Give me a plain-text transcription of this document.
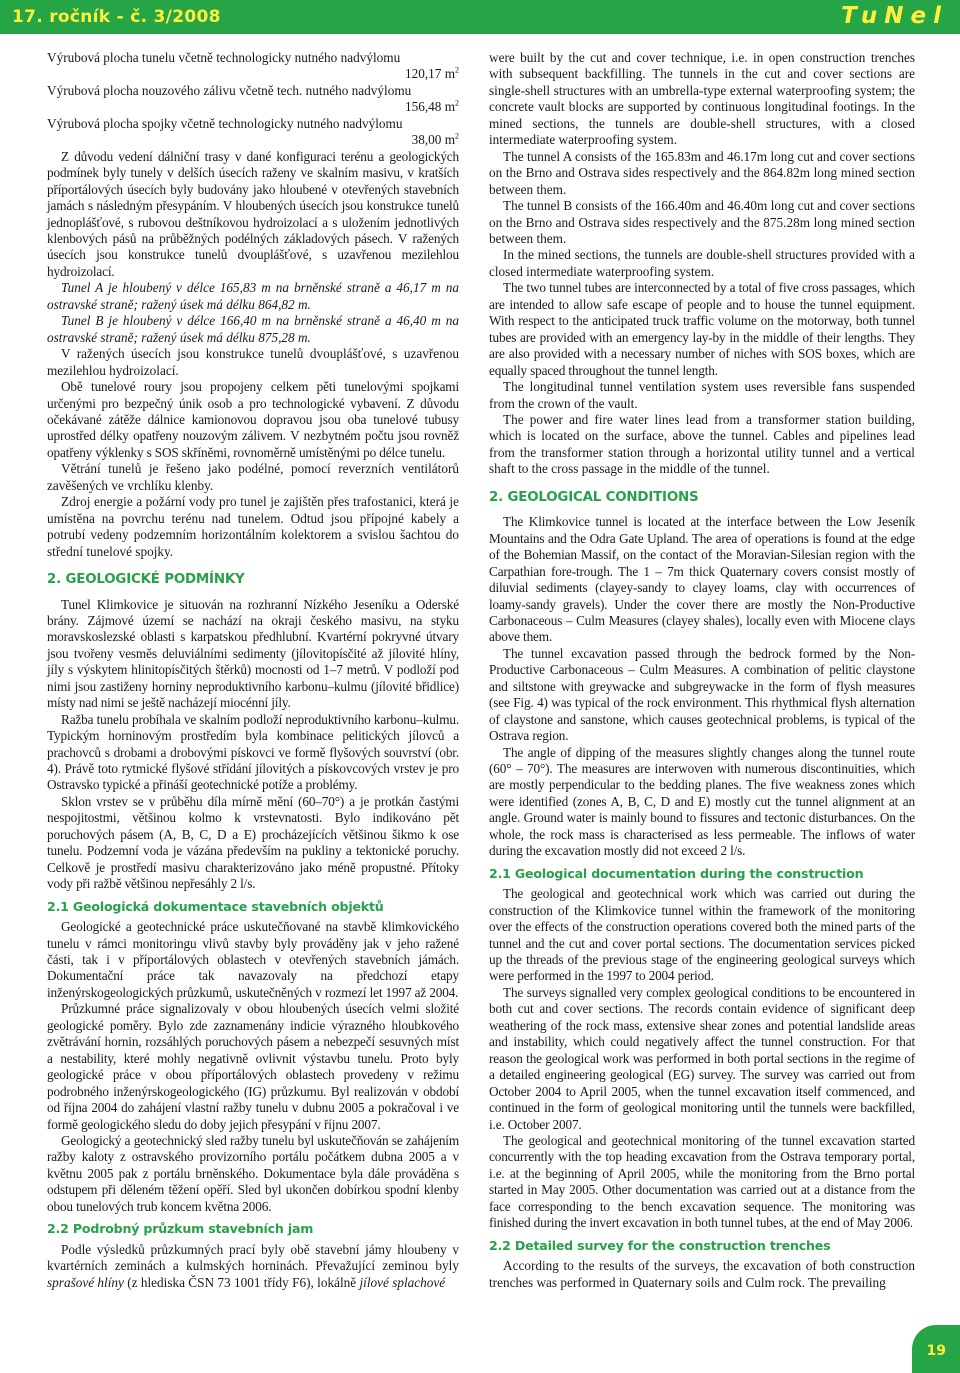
17. ročník - č. 3/2008	TuNel

Výrubová plocha tunelu včetně technologicky nutného nadvýlomu

120,17 $m^2$

Výrubová plocha nouzového zálivu včetně tech. nutného nadvýlomu

156,48 $m^2$

Výrubová plocha spojky včetně technologicky nutného nadvýlomu

38,00 $m^2$

Z důvodu vedení dálniční trasy v dané konfiguraci terénu a geologických podmínek byly tunely v delších úsecích raženy ve skalním masivu, v kratších příportálových úsecích byly budovány jako hloubené v otevřených stavebních jamách s následným přesypáním. V hloubených úsecích jsou konstrukce tunelů jednoplášťové, s rubovou deštníkovou hydroizolací a s uložením jednotlivých klenbových pásů na průběžných podélných základových pásech. V ražených úsecích jsou konstrukce tunelů dvouplášťové, s uzavřenou mezilehlou hydroizolací.

Tunel A je hloubený v délce 165,83 m na brněnské straně a 46,17 m na ostravské straně; ražený úsek má délku 864,82 m.

Tunel B je hloubený v délce 166,40 m na brněnské straně a 46,40 m na ostravské straně; ražený úsek má délku 875,28 m.

V ražených úsecích jsou konstrukce tunelů dvouplášťové, s uzavřenou mezilehlou hydroizolací.

Obě tunelové roury jsou propojeny celkem pěti tunelovými spojkami určenými pro bezpečný únik osob a pro technologické vybavení. Z důvodu očekávané zátěže dálnice kamionovou dopravou jsou oba tunelové tubusy uprostřed délky opatřeny nouzovým zálivem. V nezbytném počtu jsou rovněž opatřeny výklenky s SOS skříněmi, rovnoměrně umístěnými po délce tunelu.

Větrání tunelů je řešeno jako podélné, pomocí reverzních ventilátorů zavěšených ve vrchlíku klenby.

Zdroj energie a požární vody pro tunel je zajištěn přes trafostanici, která je umístěna na povrchu terénu nad tunelem. Odtud jsou přípojné kabely a potrubí vedeny podzemním horizontálním kolektorem a svislou šachtou do střední tunelové spojky.

2. GEOLOGICKÉ PODMÍNKY

Tunel Klimkovice je situován na rozhranní Nízkého Jeseníku a Oderské brány. Zájmové území se nachází na okraji českého masivu, na styku moravskoslezské oblasti s karpatskou předhlubní. Kvartérní pokryvné útvary jsou tvořeny vesměs deluviálními sedimenty (jílovitopísčité až jílovité hlíny, jíly s výskytem hlinitopísčitých štěrků) mocnosti od 1–7 metrů. V podloží pod nimi jsou zastiženy horniny neproduktivního karbonu–kulmu (jílovité břidlice) místy nad nimi se ještě nacházejí miocénní jíly.

Ražba tunelu probíhala ve skalním podloží neproduktivního karbonu–kulmu. Typickým horninovým prostředím byla kombinace pelitických jílovců a prachovců s drobami a drobovými pískovci ve formě flyšových souvrství (obr. 4). Právě toto rytmické flyšové střídání jílovitých a pískovcových vrstev je pro Ostravsko typické a přináší geotechnické potíže a problémy.

Sklon vrstev se v průběhu díla mírně mění (60–70°) a je protkán častými nespojitostmi, většinou kolmo k vrstevnatosti. Bylo indikováno pět poruchových pásem (A, B, C, D a E) procházejících většinou šikmo k ose tunelu. Podzemní voda je vázána především na pukliny a tektonické poruchy. Celkově je prostředí masivu charakterizováno jako méně propustné. Přítoky vody při ražbě většinou nepřesáhly 2 l/s.

2.1 Geologická dokumentace stavebních objektů

Geologické a geotechnické práce uskutečňované na stavbě klimkovického tunelu v rámci monitoringu vlivů stavby byly prováděny jak v jeho ražené části, tak i v příportálových oblastech v otevřených stavebních jámách. Dokumentační práce tak navazovaly na předchozí etapy inženýrskogeologických průzkumů, uskutečněných v rozmezí let 1997 až 2004.

Průzkumné práce signalizovaly v obou hloubených úsecích velmi složité geologické poměry. Bylo zde zaznamenány indicie výrazného hloubkového zvětrávání hornin, rozsáhlých poruchových pásem a nebezpečí sesuvných míst a nestability, které mohly negativně ovlivnit výstavbu tunelu. Proto byly geologické práce v obou příportálových oblastech provedeny v režimu podrobného inženýrskogeologického (IG) průzkumu. Byl realizován v období od října 2004 do zahájení vlastní ražby tunelu v dubnu 2005 a pokračoval i ve formě geologického sledu do doby jejich přesypání v říjnu 2007.

Geologický a geotechnický sled ražby tunelu byl uskutečňován se zahájením ražby kaloty z ostravského provizorního portálu počátkem dubna 2005 a v květnu 2005 pak z portálu brněnského. Dokumentace byla dále prováděna s odstupem při děleném těžení opěří. Sled byl ukončen dobírkou spodní klenby obou tunelových trub koncem května 2006.

2.2 Podrobný průzkum stavebních jam

Podle výsledků průzkumných prací byly obě stavební jámy hloubeny v kvartérních zeminách a kulmských horninách. Převažující zeminou byly sprašové hlíny (z hlediska ČSN 73 1001 třídy F6), lokálně jílové splachové

were built by the cut and cover technique, i.e. in open construction trenches with subsequent backfilling. The tunnels in the cut and cover sections are single-shell structures with an umbrella-type external waterproofing system; the concrete vault blocks are supported by continuous longitudinal footings. In the mined sections, the tunnels are double-shell structures, with a closed intermediate waterproofing system.

The tunnel A consists of the 165.83m and 46.17m long cut and cover sections on the Brno and Ostrava sides respectively and the 864.82m long mined section between them.

The tunnel B consists of the 166.40m and 46.40m long cut and cover sections on the Brno and Ostrava sides respectively and the 875.28m long mined section between them.

In the mined sections, the tunnels are double-shell structures provided with a closed intermediate waterproofing system.

The two tunnel tubes are interconnected by a total of five cross passages, which are intended to allow safe escape of people and to house the tunnel equipment. With respect to the anticipated truck traffic volume on the motorway, both tunnel tubes are provided with an emergency lay-by in the middle of their lengths. They are also provided with a necessary number of niches with SOS boxes, which are equally spaced throughout the tunnel length.

The longitudinal tunnel ventilation system uses reversible fans suspended from the crown of the vault.

The power and fire water lines lead from a transformer station building, which is located on the surface, above the tunnel. Cables and pipelines lead from the transformer station through a horizontal utility tunnel and a vertical shaft to the cross passage in the middle of the tunnel.

2. GEOLOGICAL CONDITIONS

The Klimkovice tunnel is located at the interface between the Low Jeseník Mountains and the Odra Gate Upland. The area of operations is found at the edge of the Bohemian Massif, on the contact of the Moravian-Silesian region with the Carpathian fore-trough. The 1 – 7m thick Quaternary covers consist mostly of diluvial sediments (clayey-sandy to clayey loams, clay with occurrences of loamy-sandy gravels). Under the cover there are mostly the Non-Productive Carbonaceous – Culm Measures (clayey shales), locally even with Miocene clays above them.

The tunnel excavation passed through the bedrock formed by the Non-Productive Carbonaceous – Culm Measures. A combination of pelitic claystone and siltstone with greywacke and subgreywacke in the form of flysh measures (see Fig. 4) was typical of the rock environment. This rhythmical flysh alternation of claystone and sanstone, which causes geotechnical problems, is typical of the Ostrava region.

The angle of dipping of the measures slightly changes along the tunnel route (60° – 70°). The measures are interwoven with numerous discontinuities, which are mostly perpendicular to the bedding planes. The five weakness zones which were identified (zones A, B, C, D and E) mostly cut the tunnel alignment at an angle. Ground water is mainly bound to fissures and tectonic disturbances. On the whole, the rock mass is characterised as less permeable. The inflows of water during the excavation mostly did not exceed 2 l/s.

2.1 Geological documentation during the construction

The geological and geotechnical work which was carried out during the construction of the Klimkovice tunnel within the framework of the monitoring over the effects of the construction operations covered both the mined parts of the tunnel and the cut and cover portal sections. The documentation services picked up the threads of the previous stage of the engineering geological surveys which were performed in the 1997 to 2004 period.

The surveys signalled very complex geological conditions to be encountered in both cut and cover sections. The records contain evidence of significant deep weathering of the rock mass, extensive shear zones and potential landslide areas and instability, which could negatively affect the tunnel construction. For that reason the geological work was performed in both portal sections in the regime of a detailed engineering geological (EG) survey. The survey was carried out from October 2004 to April 2005, when the tunnel excavation itself commenced, and continued in the form of geological monitoring until the tunnels were backfilled, i.e. October 2007.

The geological and geotechnical monitoring of the tunnel excavation started concurrently with the top heading excavation from the Ostrava temporary portal, i.e. at the beginning of April 2005, while the monitoring from the Brno portal started in May 2005. Other documentation was carried out at a distance from the face corresponding to the bench excavation sequence. The monitoring was finished during the invert excavation in both tunnel tubes, at the end of May 2006.

2.2 Detailed survey for the construction trenches

According to the results of the surveys, the excavation of both construction trenches was performed in Quaternary soils and Culm rock. The prevailing

19
